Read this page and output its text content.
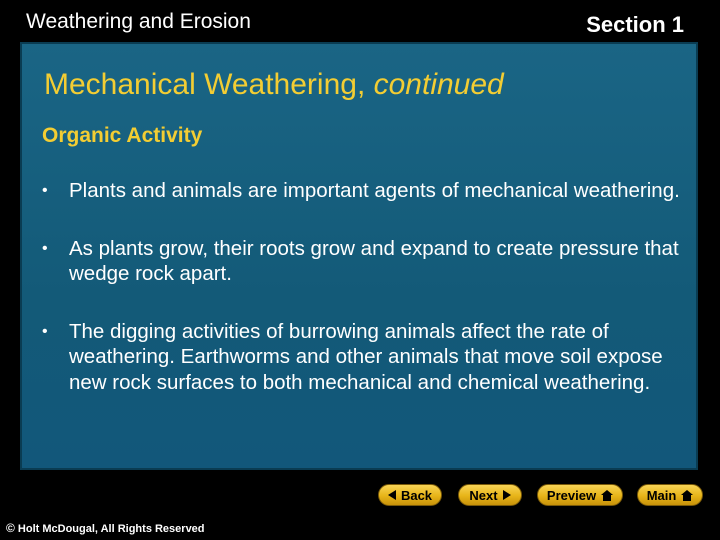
Weathering and Erosion	Section 1
Mechanical Weathering, continued
Organic Activity
• Plants and animals are important agents of mechanical weathering.
• As plants grow, their roots grow and expand to create pressure that wedge rock apart.
• The digging activities of burrowing animals affect the rate of weathering. Earthworms and other animals that move soil expose new rock surfaces to both mechanical and chemical weathering.
Back	Next	Preview	Main
© Holt McDougal, All Rights Reserved
